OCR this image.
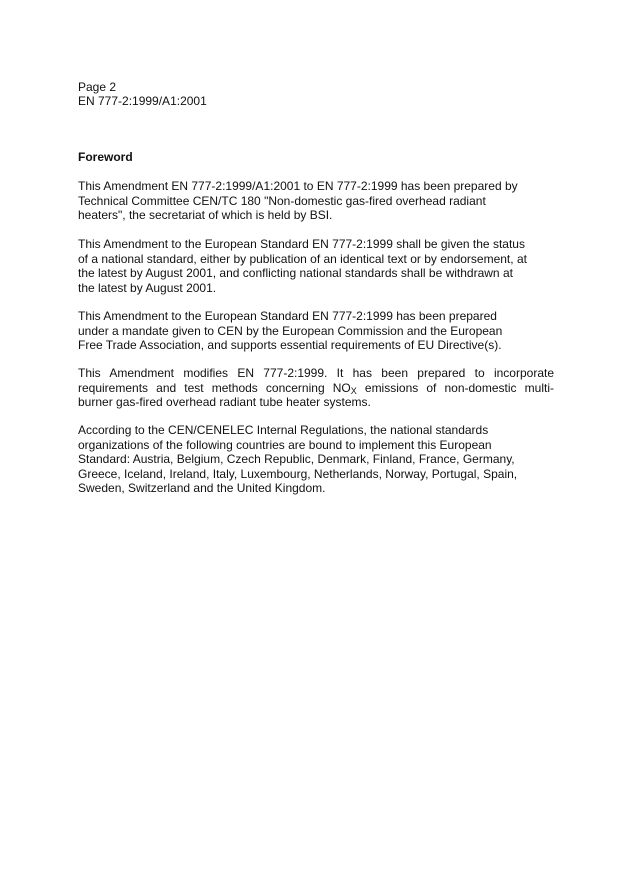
Page 2
EN 777-2:1999/A1:2001
Foreword

This Amendment EN 777-2:1999/A1:2001 to EN 777-2:1999 has been prepared by
Technical Committee CEN/TC 180 "Non-domestic gas-fired overhead radiant
heaters", the secretariat of which is held by BSI.

This Amendment to the European Standard EN 777-2:1999 shall be given the status
of a national standard, either by publication of an identical text or by endorsement, at
the latest by August 2001, and conflicting national standards shall be withdrawn at
the latest by August 2001.

This Amendment to the European Standard EN 777-2:1999 has been prepared
under a mandate given to CEN by the European Commission and the European
Free Trade Association, and supports essential requirements of EU Directive(s).

This Amendment modifies EN 777-2:1999. It has been prepared to incorporate
requirements and test methods concerning $NO_X$ emissions of non-domestic multi-
burner gas-fired overhead radiant tube heater systems.

According to the CEN/CENELEC Internal Regulations, the national standards
organizations of the following countries are bound to implement this European
Standard: Austria, Belgium, Czech Republic, Denmark, Finland, France, Germany,
Greece, Iceland, Ireland, Italy, Luxembourg, Netherlands, Norway, Portugal, Spain,
Sweden, Switzerland and the United Kingdom.
